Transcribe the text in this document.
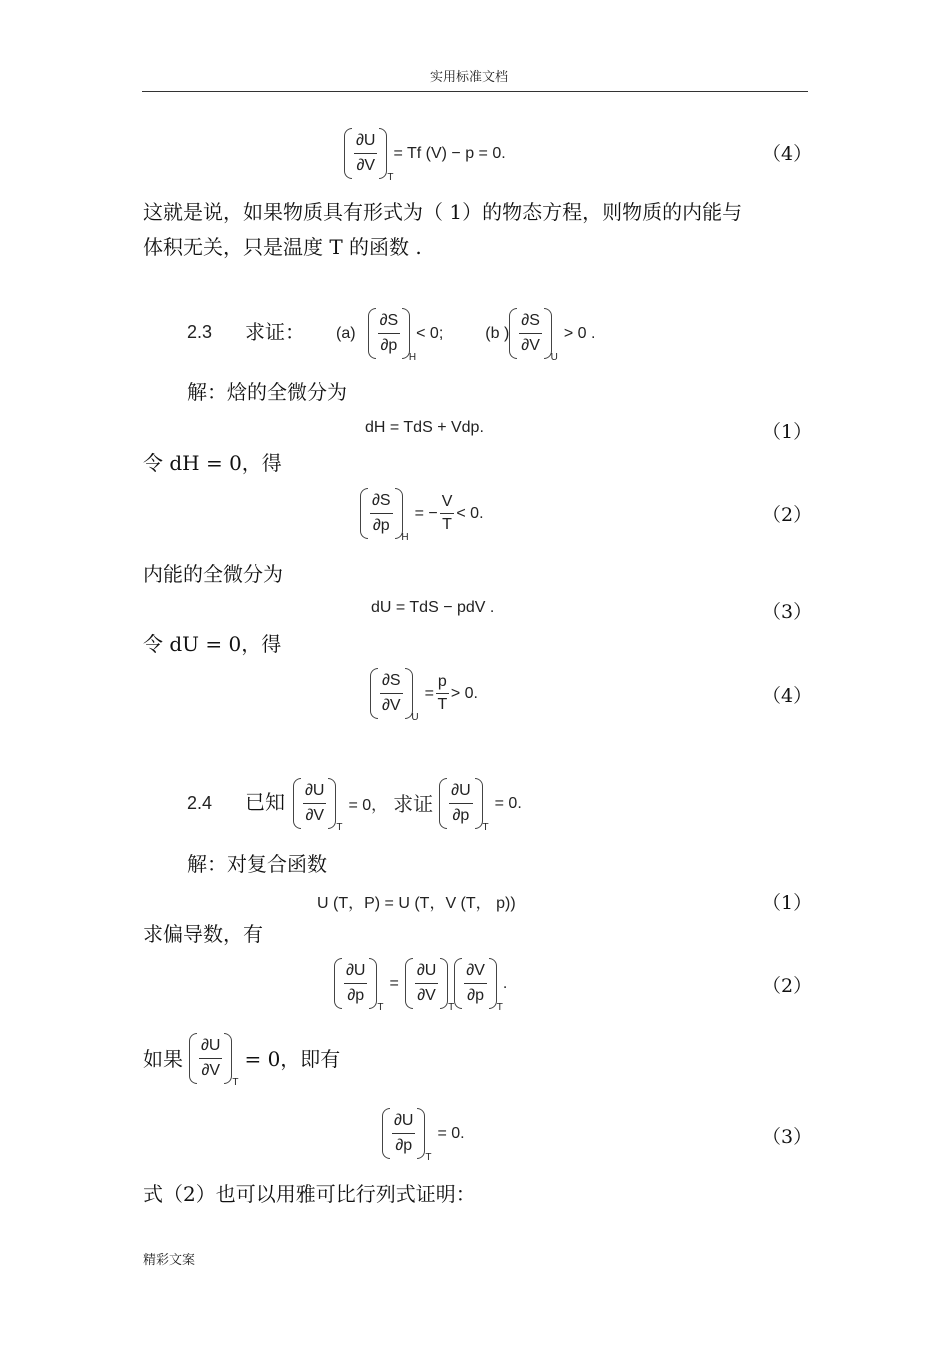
实用标准文档
$\frac{\partial U}{\partial V}$
T
= Tf (V) − p = 0.	（4）
这就是说，如果物质具有形式为（ 1）的物态方程，则物质的内能与
体积无关，只是温度 T 的函数 .
2.3 求证： $(a) \frac{\partial S}{\partial p}$
H
< 0;	(b ) $\frac{\partial S}{\partial V}$
U
> 0 .
解：焓的全微分为
dH = TdS + Vdp.	（1）
令 dH = 0，得
$\frac{\partial S}{\partial p}$
H
= − $\frac{V}{T} < 0$.	（2）
内能的全微分为
dU = TdS − pdV .	（3）
令 dU = 0，得
$\frac{\partial S}{\partial V}$
U
= $\frac{p}{T} > 0$.	（4）
2.4 已知 $\frac{\partial U}{\partial V}$
T
= 0， 求证 $\frac{\partial U}{\partial p}$
T
= 0.
解：对复合函数
U (T，P) = U (T，V (T， p))	（1）
求偏导数，有
$\frac{\partial U}{\partial p}$
T
= $\frac{\partial U}{\partial V}$
T
$\frac{\partial V}{\partial p}$
T
.	（2）
如果 $\frac{\partial U}{\partial V}$
T
= 0，即有
$\frac{\partial U}{\partial p}$
T
= 0.	（3）
式（2）也可以用雅可比行列式证明：
精彩文案
